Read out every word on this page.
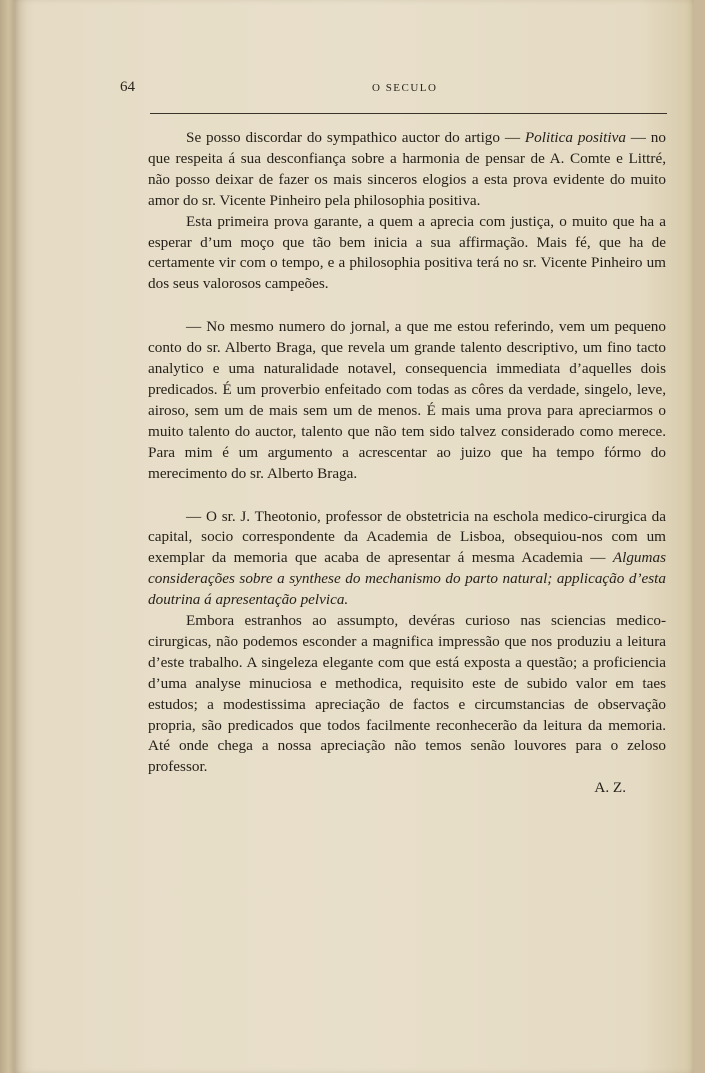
64	O SECULO

Se posso discordar do sympathico auctor do artigo — Politica positiva — no que respeita á sua desconfiança sobre a harmonia de pensar de A. Comte e Littré, não posso deixar de fazer os mais sinceros elogios a esta prova evidente do muito amor do sr. Vicente Pinheiro pela philosophia positiva.

Esta primeira prova garante, a quem a aprecia com justiça, o muito que ha a esperar d’um moço que tão bem inicia a sua affirmação. Mais fé, que ha de certamente vir com o tempo, e a philosophia positiva terá no sr. Vicente Pinheiro um dos seus valorosos campeões.

— No mesmo numero do jornal, a que me estou referindo, vem um pequeno conto do sr. Alberto Braga, que revela um grande talento descriptivo, um fino tacto analytico e uma naturalidade notavel, consequencia immediata d’aquelles dois predicados. É um proverbio enfeitado com todas as côres da verdade, singelo, leve, airoso, sem um de mais sem um de menos. É mais uma prova para apreciarmos o muito talento do auctor, talento que não tem sido talvez considerado como merece. Para mim é um argumento a acrescentar ao juizo que ha tempo fórmo do merecimento do sr. Alberto Braga.

— O sr. J. Theotonio, professor de obstetricia na eschola medico-cirurgica da capital, socio correspondente da Academia de Lisboa, obsequiou-nos com um exemplar da memoria que acaba de apresentar á mesma Academia — Algumas considerações sobre a synthese do mechanismo do parto natural; applicação d’esta doutrina á apresentação pelvica.

Embora estranhos ao assumpto, devéras curioso nas sciencias medico-cirurgicas, não podemos esconder a magnifica impressão que nos produziu a leitura d’este trabalho. A singeleza elegante com que está exposta a questão; a proficiencia d’uma analyse minuciosa e methodica, requisito este de subido valor em taes estudos; a modestissima apreciação de factos e circumstancias de observação propria, são predicados que todos facilmente reconhecerão da leitura da memoria. Até onde chega a nossa apreciação não temos senão louvores para o zeloso professor.

A. Z.
